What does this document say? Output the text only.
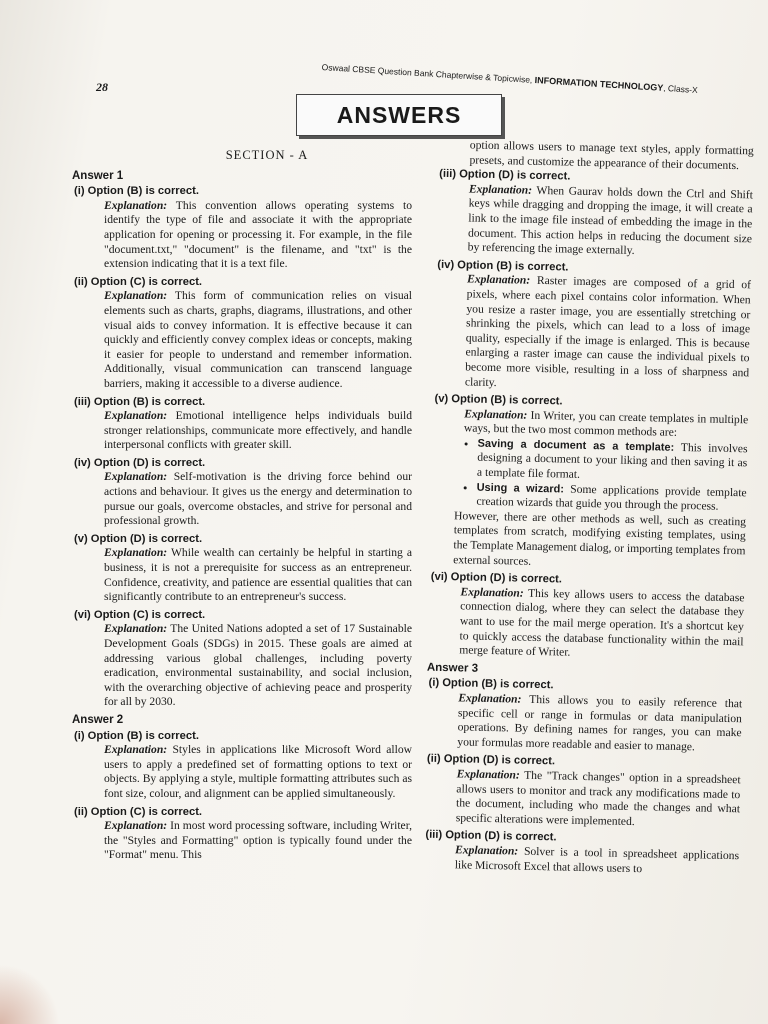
28
Oswaal CBSE Question Bank Chapterwise & Topicwise, INFORMATION TECHNOLOGY, Class-X
ANSWERS
SECTION - A
Answer 1
(i) Option (B) is correct.
Explanation: This convention allows operating systems to identify the type of file and associate it with the appropriate application for opening or processing it. For example, in the file "document.txt," "document" is the filename, and "txt" is the extension indicating that it is a text file.
(ii) Option (C) is correct.
Explanation: This form of communication relies on visual elements such as charts, graphs, diagrams, illustrations, and other visual aids to convey information. It is effective because it can quickly and efficiently convey complex ideas or concepts, making it easier for people to understand and remember information. Additionally, visual communication can transcend language barriers, making it accessible to a diverse audience.
(iii) Option (B) is correct.
Explanation: Emotional intelligence helps individuals build stronger relationships, communicate more effectively, and handle interpersonal conflicts with greater skill.
(iv) Option (D) is correct.
Explanation: Self-motivation is the driving force behind our actions and behaviour. It gives us the energy and determination to pursue our goals, overcome obstacles, and strive for personal and professional growth.
(v) Option (D) is correct.
Explanation: While wealth can certainly be helpful in starting a business, it is not a prerequisite for success as an entrepreneur. Confidence, creativity, and patience are essential qualities that can significantly contribute to an entrepreneur's success.
(vi) Option (C) is correct.
Explanation: The United Nations adopted a set of 17 Sustainable Development Goals (SDGs) in 2015. These goals are aimed at addressing various global challenges, including poverty eradication, environmental sustainability, and social inclusion, with the overarching objective of achieving peace and prosperity for all by 2030.
Answer 2
(i) Option (B) is correct.
Explanation: Styles in applications like Microsoft Word allow users to apply a predefined set of formatting options to text or objects. By applying a style, multiple formatting attributes such as font size, colour, and alignment can be applied simultaneously.
(ii) Option (C) is correct.
Explanation: In most word processing software, including Writer, the "Styles and Formatting" option is typically found under the "Format" menu. This
option allows users to manage text styles, apply formatting presets, and customize the appearance of their documents.
(iii) Option (D) is correct.
Explanation: When Gaurav holds down the Ctrl and Shift keys while dragging and dropping the image, it will create a link to the image file instead of embedding the image in the document. This action helps in reducing the document size by referencing the image externally.
(iv) Option (B) is correct.
Explanation: Raster images are composed of a grid of pixels, where each pixel contains color information. When you resize a raster image, you are essentially stretching or shrinking the pixels, which can lead to a loss of image quality, especially if the image is enlarged. This is because enlarging a raster image can cause the individual pixels to become more visible, resulting in a loss of sharpness and clarity.
(v) Option (B) is correct.
Explanation: In Writer, you can create templates in multiple ways, but the two most common methods are:
• Saving a document as a template: This involves designing a document to your liking and then saving it as a template file format.
• Using a wizard: Some applications provide template creation wizards that guide you through the process.
However, there are other methods as well, such as creating templates from scratch, modifying existing templates, using the Template Management dialog, or importing templates from external sources.
(vi) Option (D) is correct.
Explanation: This key allows users to access the database connection dialog, where they can select the database they want to use for the mail merge operation. It's a shortcut key to quickly access the database functionality within the mail merge feature of Writer.
Answer 3
(i) Option (B) is correct.
Explanation: This allows you to easily reference that specific cell or range in formulas or data manipulation operations. By defining names for ranges, you can make your formulas more readable and easier to manage.
(ii) Option (D) is correct.
Explanation: The "Track changes" option in a spreadsheet allows users to monitor and track any modifications made to the document, including who made the changes and what specific alterations were implemented.
(iii) Option (D) is correct.
Explanation: Solver is a tool in spreadsheet applications like Microsoft Excel that allows users to
